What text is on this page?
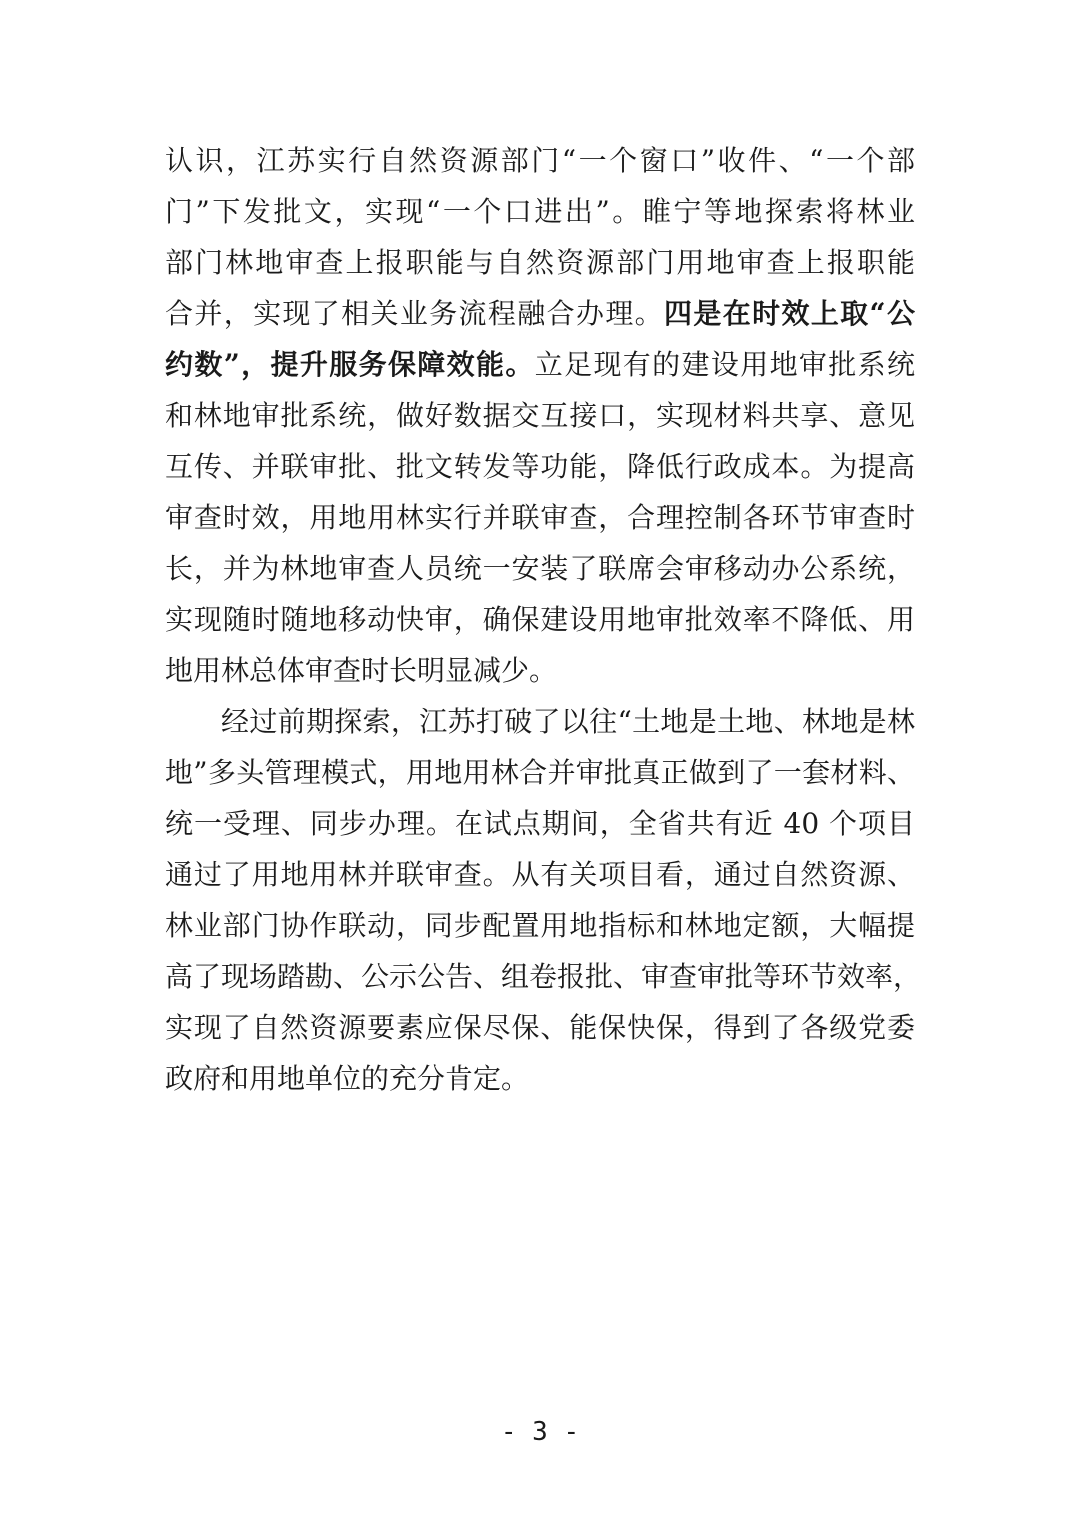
认识，江苏实行自然资源部门“一个窗口”收件、“一个部
门”下发批文，实现“一个口进出”。睢宁等地探索将林业
部门林地审查上报职能与自然资源部门用地审查上报职能
合并，实现了相关业务流程融合办理。四是在时效上取“公
约数”，提升服务保障效能。立足现有的建设用地审批系统
和林地审批系统，做好数据交互接口，实现材料共享、意见
互传、并联审批、批文转发等功能，降低行政成本。为提高
审查时效，用地用林实行并联审查，合理控制各环节审查时
长，并为林地审查人员统一安装了联席会审移动办公系统，
实现随时随地移动快审，确保建设用地审批效率不降低、用
地用林总体审查时长明显减少。
经过前期探索，江苏打破了以往“土地是土地、林地是林
地”多头管理模式，用地用林合并审批真正做到了一套材料、
统一受理、同步办理。在试点期间，全省共有近 40 个项目
通过了用地用林并联审查。从有关项目看，通过自然资源、
林业部门协作联动，同步配置用地指标和林地定额，大幅提
高了现场踏勘、公示公告、组卷报批、审查审批等环节效率，
实现了自然资源要素应保尽保、能保快保，得到了各级党委
政府和用地单位的充分肯定。
- 3 -
